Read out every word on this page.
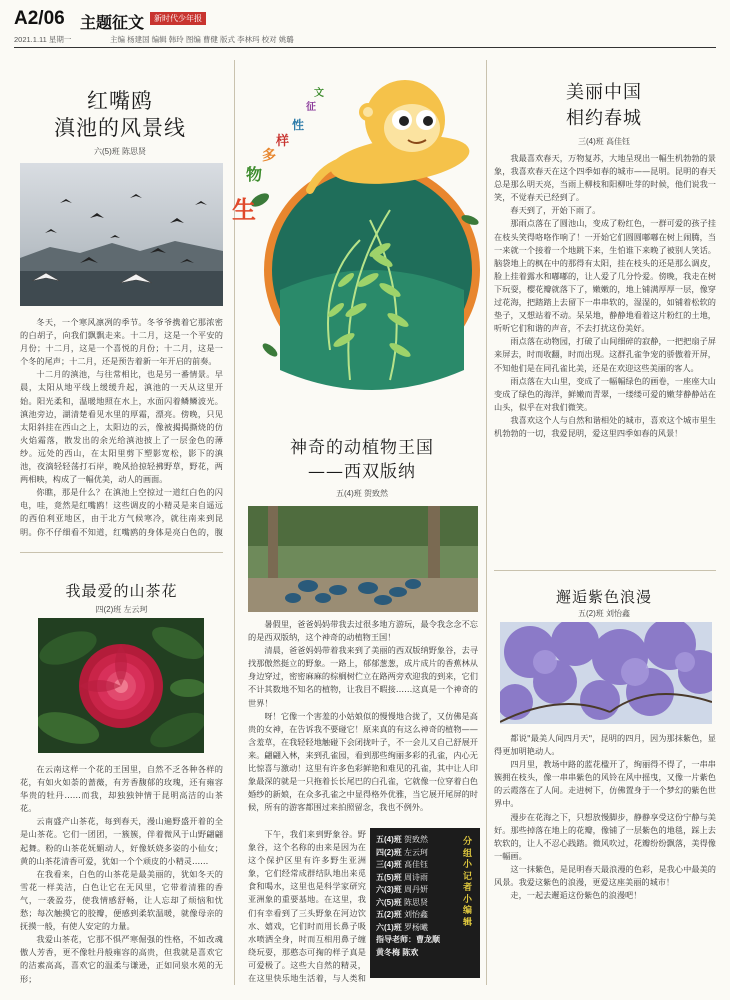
A2/06 主题征文	新时代少年报
2021.1.11 星期一	主编 杨建国 编辑 韩玲 图编 曹健 版式 李林玛 校对 姚璐
红嘴鸥
滇池的风景线
六(5)班 陈思贤

冬天，一个寒风凛冽的季节。冬爷爷携着它那浓密的白胡子，向我们飘飘走来。十二月，这是一个平安的月份；十二月，这是一个喜悦的月份；十二月，这是一个冬的尾声；十二月，还是预告着新一年开启的前奏。

十二月的滇池，与往常相比，也是另一番情景。早晨，太阳从地平线上缓缓升起，滇池的一天从这里开始。阳光柔和，温暖地照在水上，水面闪着鳞鳞波光。滇池旁边，湖清楚看见水里的厚霜，漂亮。傍晚，只见太阳斜挂在西山之上，太阳边的云，像被揭揭撕烧的仿火焰霜落，散发出的余光给滇池披上了一层金色的薄纱。远处的西山，在太阳里剪下塑影宽松，影下的滇池，夜滴轻轻荡打石岸，晚风拾掠轻拂野草，野花，两两相映，构成了一幅优美，动人的画面。

你瞧，那是什么？在滇池上空掠过一道红白色的闪电，哇，竟然是红嘴鸥！这些调皮的小精灵是来自遥远的西伯利亚地区，由于北方气候寒冷，就往南来到昆明。你不仔细看不知道，红嘴鸥的身体是亮白色的，腹

我最爱的山茶花
四(2)班 左云珂

在云南这样一个花的王国里，自然不乏各种各样的花，有如火如荼的蔷薇，有芳香馥郁的玫瑰，还有雍容华贵的牡丹……而我，却独独钟情于昆明高洁的山茶花。

云南盛产山茶花，每到春天，漫山遍野盛开着的全是山茶花。它们一团团，一簇簇，伴着微风于山野翩翩起舞。粉的山茶花妩媚动人，好像妖娆多姿的小仙女；黄的山茶花清香可爱，犹如一个个顽皮的小精灵……

在我看来，白色的山茶花是最美丽的，犹如冬天的雪花一样美洁，白色让它在无风里，它带着清雅的香气，一袭盈芬，使我情感舒畅，让人忘却了烦恼和忧愁；每次触摸它的胶瓣，便感到柔软温暖，就像母亲的抚摸一般，有使人安定的力量。

我爱山茶花，它那不惧严寒倔强的性格，不如改魂傲人芳香，更不像牡丹般雍容的高贵，但我就是喜欢它的洁素高高，喜欢它的温柔与谦逊，正如同泉水苑的无形；

生
物
多
样
性
征
文
神奇的动植物王国
——西双版纳
五(4)班 贺致然

暑假里，爸爸妈妈带我去过很多地方游玩，最令我念念不忘的是西双版纳，这个神奇的动植物王国！

清晨，爸爸妈妈带着我来到了美丽的西双版纳野象谷，去寻找那傲然挺立的野象。一路上，郁郁葱葱，成片成片的香蕉林从身边穿过，密密麻麻的棕榈树伫立在路两旁欢迎我的到来，它们不计其数地不知名的植物，让我目不暇接……这真是一个神奇的世界！

呀！它像一个害羞的小姑娘似的慢慢地合拢了，又仿佛是高贵的女神，在告诉我不要碰它！原来真的有这么神奇的植物——含羞草，在我轻轻地触碰下会闭拢叶子，不一会儿又自己舒展开来。翩翩入林，来到孔雀园，看到那些绚丽多彩的孔雀，内心无比惊喜与激动！这里有许多色彩鲜艳和难见的孔雀，其中让人印象最深的就是一只拖着长长尾巴的白孔雀，它就像一位穿着白色婚纱的新娘，在众多孔雀之中显得格外优雅，当它展开尾屏的时候，所有的游客都围过来拍照留念，我也不例外。

下午，我们来到野象谷。野象谷，这个名称的由来是因为在这个保护区里有许多野生亚洲象，它们经常成群结队地出来觅食和喝水，这里也是科学家研究亚洲象的重要基地。在这里，我们有幸看到了三头野象在河边饮水、嬉戏，它们时而用长鼻子吸水喷洒全身，时而互相用鼻子缠绕玩耍，那憨态可掬的样子真是可爱极了。这些大自然的精灵，在这里快乐地生活着，与人类和

五(4)班 贺致然
四(2)班 左云珂
三(4)班 高佳钰
五(5)班 周诗雨
六(3)班 周丹妍
六(5)班 陈思贤
五(2)班 刘怡鑫
六(1)班 罗杨曦
指导老师：曹龙顺
黄冬梅 陈欢
分组小记者小编辑
美丽中国
相约春城
三(4)班 高佳钰

我最喜欢春天，万物复苏，大地呈现出一幅生机勃勃的景象，我喜欢春天在这个四季如春的城市——昆明。昆明的春天总是那么明天亮，当雨上柳枝和阳柳吐芽的时候，他们说我一笑，不觉春天已经到了。

春天到了，开始下雨了。

那雨点落在了圆池山，变成了粉红色，一群可爱的孩子挂在枝头笑得咯咯作响了！一开始它们圆圆嘟嘟在树上闹腾，当一来就一个接着一个地跳下来，生怕谁下来晚了被别人笑话。脑袋地上的枫在中的那得有太阳，挂在枝头的还是那么调皮，脸上挂着露水和嘟嘟的，让人爱了几分怜爱。傍晚，我走在树下玩耍，樱花瓣就落下了，嫩嫩的，地上铺满厚厚一层，像穿过花海，把踏踏上去留下一串串软的，湿湿的，如铺着松软的垫子，又想站着不动。呆呆地，静静地看着这片粉红的土地，听听它们和谐的声音，不去打扰这份美好。

雨点落在动物园，打破了山间细碎的寂静，一把把扇子屏来屏去，时而收翻，时而出现。这群孔雀争宠的骄傲着开屏，不知他们是在同孔雀比美，还是在欢迎这些美丽的客人。

雨点落在大山里，变成了一幅幅绿色的画卷，一座座大山变成了绿色的海洋，鲜嫩而青翠，一缕缕可爱的嫩芽静静站在山头，似乎在对我们微笑。

我喜欢这个人与自然和谐相处的城市，喜欢这个城市里生机勃勃的一切，我爱昆明，爱这里四季如春的风景！

邂逅紫色浪漫
五(2)班 刘怡鑫

都说"最美人间四月天"，昆明的四月，因为那抹紫色，显得更加明艳动人。

四月里，教场中路的蓝花楹开了，绚丽得不得了，一串串簇拥在枝头，像一串串紫色的风铃在风中摇曳，又像一片紫色的云霞落在了人间。走进树下，仿佛置身于一个梦幻的紫色世界中。

漫步在花海之下，只想放慢脚步，静静享受这份宁静与美好。那些掉落在地上的花瓣，像铺了一层紫色的地毯，踩上去软软的，让人不忍心践踏。微风吹过，花瓣纷纷飘落，美得像一幅画。

这一抹紫色，是昆明春天最浪漫的色彩，是我心中最美的风景。我爱这紫色的浪漫，更爱这座美丽的城市！

走，一起去邂逅这份紫色的浪漫吧！
